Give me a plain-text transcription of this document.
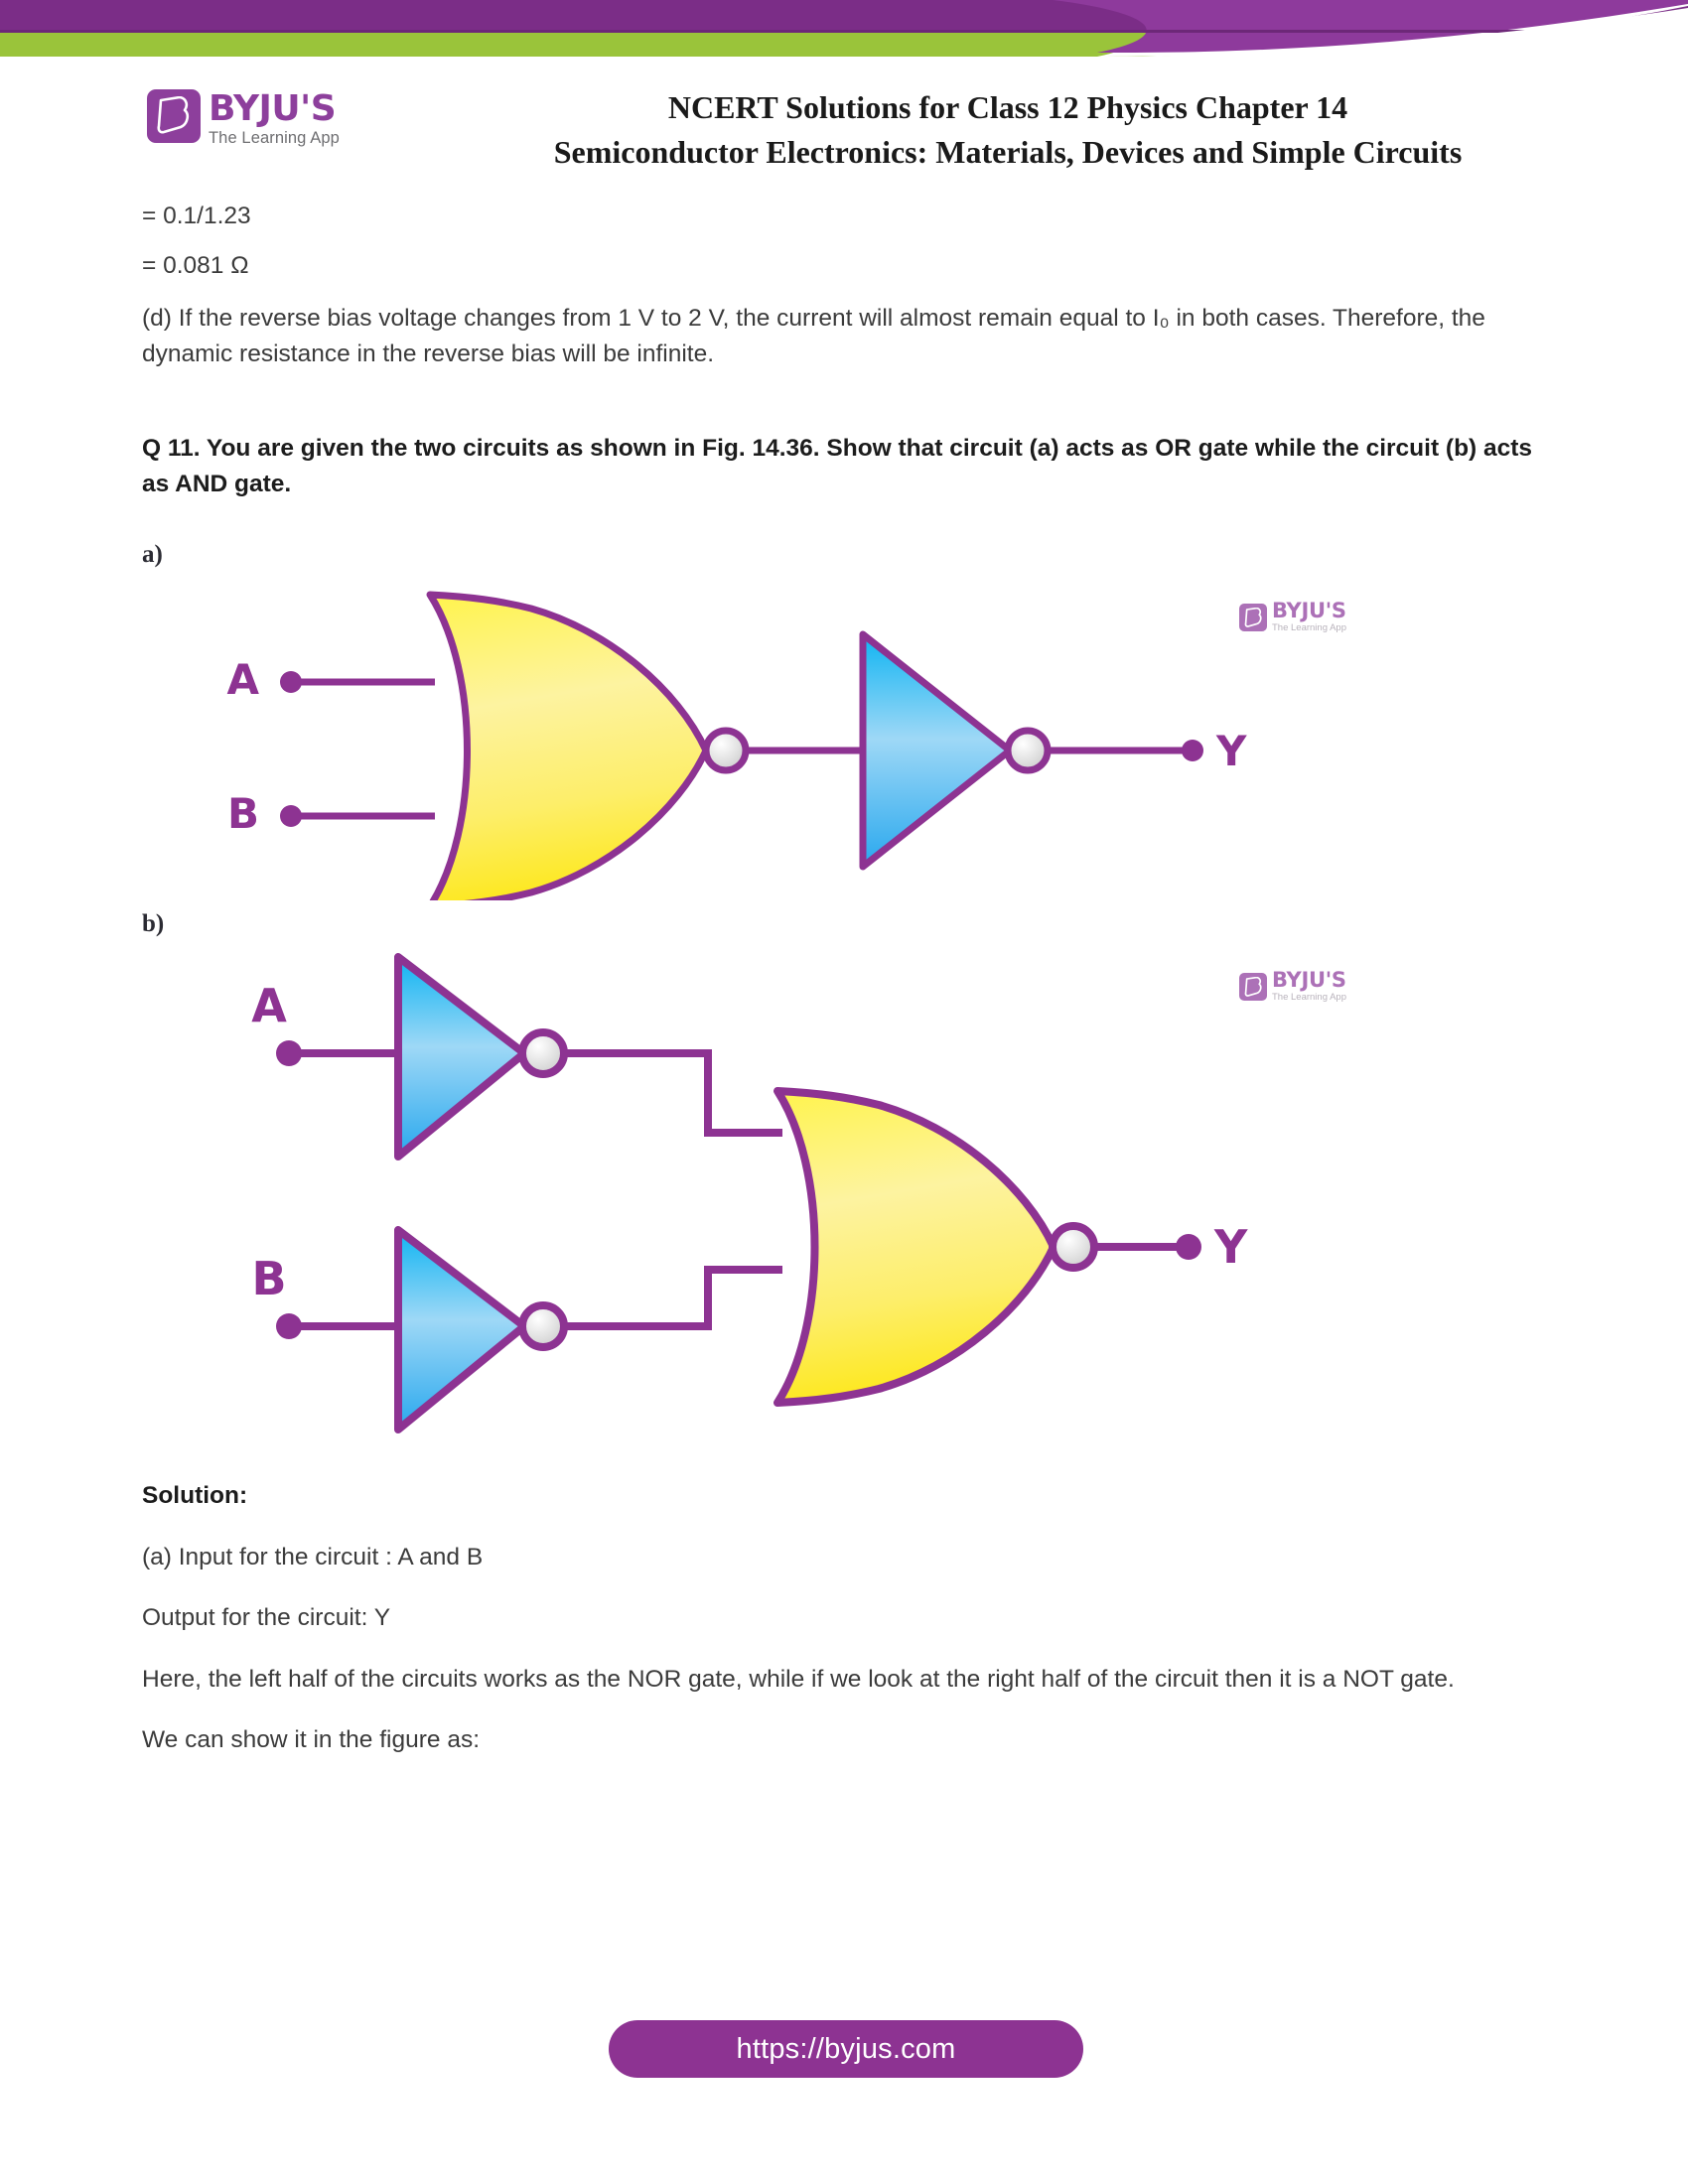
BYJU'S
The Learning App
NCERT Solutions for Class 12 Physics Chapter 14
Semiconductor Electronics: Materials, Devices and Simple Circuits
= 0.1/1.23
= 0.081 Ω
(d) If the reverse bias voltage changes from 1 V to 2 V, the current will almost remain equal to I₀ in both cases. Therefore, the dynamic resistance in the reverse bias will be infinite.
Q 11. You are given the two circuits as shown in Fig. 14.36. Show that circuit (a) acts as OR gate while the circuit (b) acts as AND gate.
a)
BYJU'S
The Learning App
A
B
Y
b)
BYJU'S
The Learning App
A
B
Y
Solution:
(a) Input for the circuit : A and B
Output for the circuit: Y
Here, the left half of the circuits works as the NOR gate, while if we look at the right half of the circuit then it is a NOT gate.
We can show it in the figure as:
https://byjus.com
